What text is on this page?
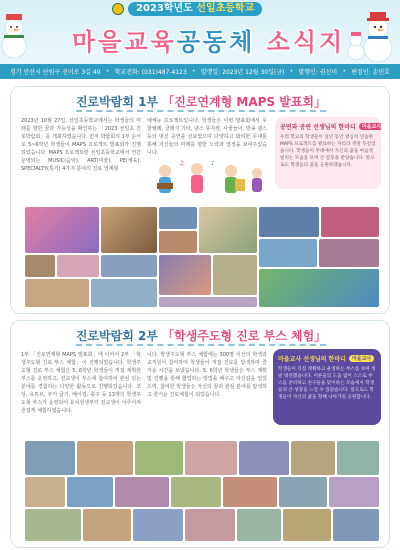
2023학년도 선일초등학교
마을교육공동체 소식지
경기 안산시 단원구 선이로 3길 40 • 학교전화: (031)487-4123 • 발행일: 2023년 12월 30일(금) • 발행인: 권선미 • 편집인: 손민호
진로박람회 1부 「진로연계형 MAPS 발표회」
2023년 10월 27일, 선일초등학교에서는 학생들의 미래를 향한 꿈과 가능성을 확인하는 「2023 선일초 진로박람회」를 개최하였습니다. 먼저 박람회의 1부 순서로 5~6학년 학생들이 MAPS 프로젝트 발표회가 진행되었습니다. MAPS 프로젝트란 선일초등학교에서 연간 운영되는 MUSIC(음악), ART(미술), PE(체육), SPECIALTY(특기) 4가지 분야의 진로 연계형
예체능 프로젝트입니다. 학생들은 이번 발표회에서 우쿨렐레, 클래식 기타, 댄스 뮤지컬, 사물놀이, 방송 댄스 등의 멋진 공연을 선보였으며 다양하고 화려한 무대를 통해 자신들의 미래를 향한 노력과 열정을 보여주었습니다.
♪
♫
공연과 공연 선생님의 한마디	마을교사
우리 학교의 학생들이 일년 동안 열심히 연습한 MAPS 프로젝트를 발표하는 자리라 정말 뜻깊었습니다. 학생들이 무대에서 자신의 꿈을 마음껏 펼치는 모습을 보며 큰 감동을 받았습니다. 앞으로도 학생들의 꿈을 응원하겠습니다.
진로박람회 2부 「학생주도형 진로 부스 체험」
1부 「진로연계형 MAPS 발표회」에 이어서 2부 「학생주도형 진로 부스 체험」이 진행되었습니다. 학생주도형 진로 부스 체험은 5, 6학년 학생들이 직접 계획한 부스를 운영하고, 전교생이 부스에 참여하여 관심 있는 분야를 경험하는 다양한 활동으로 진행되었습니다. 코딩, 유튜브, 쿠키 굽기, 베이킹, 축구 등 13개의 학생주도형 부스가 운영되어 유치원생부터 전교생이 이루어져 즐겁게 체험하였습니다.
니다. 학생주도형 부스 체험에는 300명 이상의 학생과 교직원이 참여하여 학생들이 직접 진로를 탐색하며 즐거운 시간을 보냈습니다. 5, 6학년 학생들은 부스 계획 및 진행을 통해 협업하는 방법을 배우고 자신감을 얻었으며, 참여한 학생들은 자신의 꿈과 관심 분야를 탐색하고 즐거운 진로체험이 되었습니다.
마을교사 선생님의 한마디	마을교사
학생들이 직접 계획하고 운영하는 부스를 보며 정말 대견했습니다. 어른들의 도움 없이 스스로 부스를 준비하고 친구들을 맞이하는 모습에서 학생들의 큰 성장을 느낄 수 있었습니다. 앞으로도 학생들이 자신의 꿈을 향해 나아가길 응원합니다.
